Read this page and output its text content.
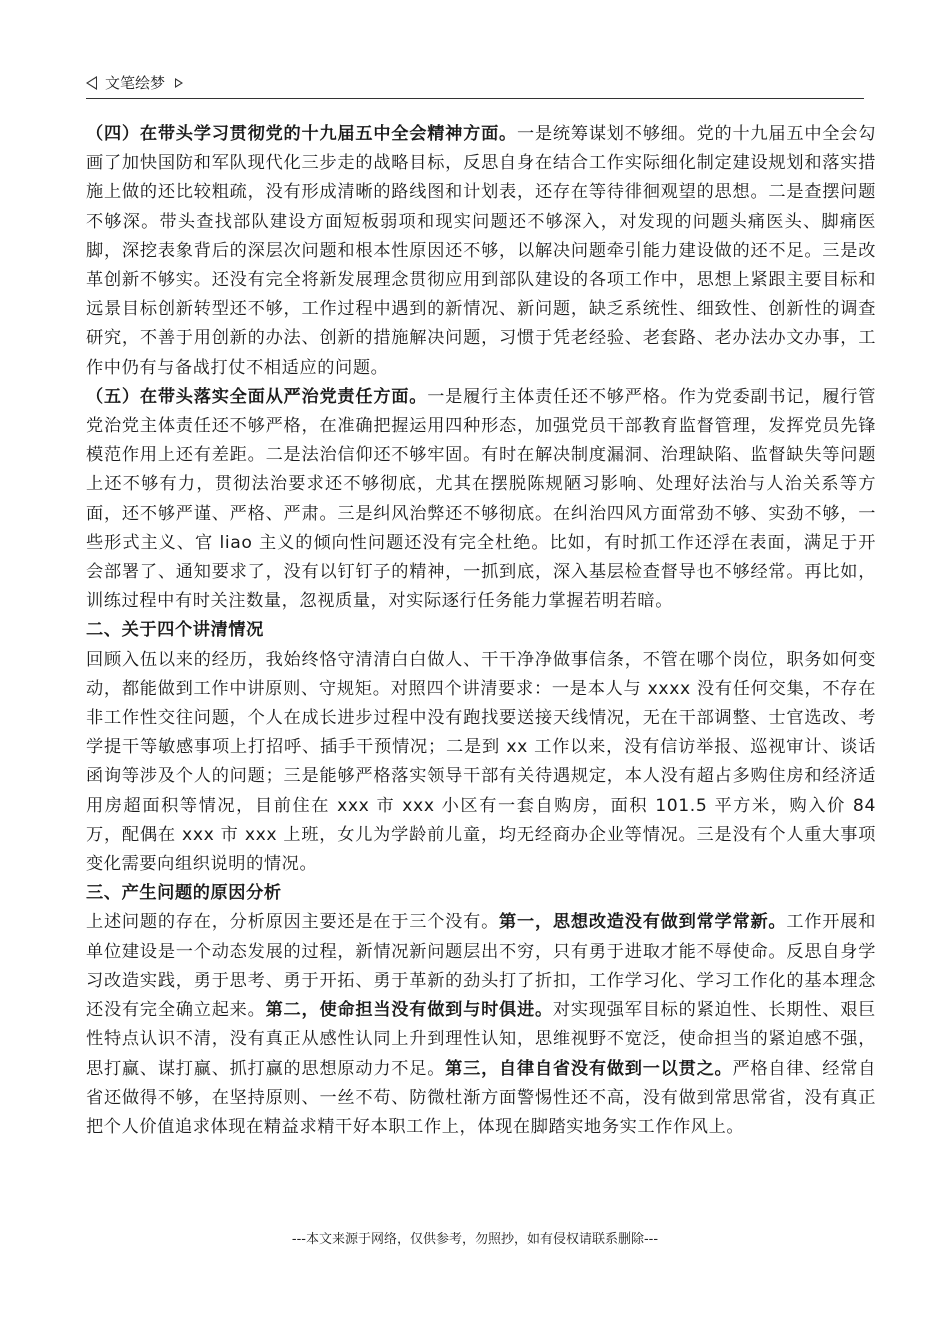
文笔绘梦

（四）在带头学习贯彻党的十九届五中全会精神方面。一是统筹谋划不够细。党的十九届五中全会勾画了加快国防和军队现代化三步走的战略目标，反思自身在结合工作实际细化制定建设规划和落实措施上做的还比较粗疏，没有形成清晰的路线图和计划表，还存在等待徘徊观望的思想。二是查摆问题不够深。带头查找部队建设方面短板弱项和现实问题还不够深入，对发现的问题头痛医头、脚痛医脚，深挖表象背后的深层次问题和根本性原因还不够，以解决问题牵引能力建设做的还不足。三是改革创新不够实。还没有完全将新发展理念贯彻应用到部队建设的各项工作中，思想上紧跟主要目标和远景目标创新转型还不够，工作过程中遇到的新情况、新问题，缺乏系统性、细致性、创新性的调查研究，不善于用创新的办法、创新的措施解决问题，习惯于凭老经验、老套路、老办法办文办事，工作中仍有与备战打仗不相适应的问题。

（五）在带头落实全面从严治党责任方面。一是履行主体责任还不够严格。作为党委副书记，履行管党治党主体责任还不够严格，在准确把握运用四种形态，加强党员干部教育监督管理，发挥党员先锋模范作用上还有差距。二是法治信仰还不够牢固。有时在解决制度漏洞、治理缺陷、监督缺失等问题上还不够有力，贯彻法治要求还不够彻底，尤其在摆脱陈规陋习影响、处理好法治与人治关系等方面，还不够严谨、严格、严肃。三是纠风治弊还不够彻底。在纠治四风方面常劲不够、实劲不够，一些形式主义、官 liao 主义的倾向性问题还没有完全杜绝。比如，有时抓工作还浮在表面，满足于开会部署了、通知要求了，没有以钉钉子的精神，一抓到底，深入基层检查督导也不够经常。再比如，训练过程中有时关注数量，忽视质量，对实际逐行任务能力掌握若明若暗。

二、关于四个讲清情况

回顾入伍以来的经历，我始终恪守清清白白做人、干干净净做事信条，不管在哪个岗位，职务如何变动，都能做到工作中讲原则、守规矩。对照四个讲清要求：一是本人与 xxxx 没有任何交集，不存在非工作性交往问题，个人在成长进步过程中没有跑找要送接天线情况，无在干部调整、士官选改、考学提干等敏感事项上打招呼、插手干预情况；二是到 xx 工作以来，没有信访举报、巡视审计、谈话函询等涉及个人的问题；三是能够严格落实领导干部有关待遇规定，本人没有超占多购住房和经济适用房超面积等情况，目前住在 xxx 市 xxx 小区有一套自购房，面积 101.5 平方米，购入价 84 万，配偶在 xxx 市 xxx 上班，女儿为学龄前儿童，均无经商办企业等情况。三是没有个人重大事项变化需要向组织说明的情况。

三、产生问题的原因分析

上述问题的存在，分析原因主要还是在于三个没有。第一，思想改造没有做到常学常新。工作开展和单位建设是一个动态发展的过程，新情况新问题层出不穷，只有勇于进取才能不辱使命。反思自身学习改造实践，勇于思考、勇于开拓、勇于革新的劲头打了折扣，工作学习化、学习工作化的基本理念还没有完全确立起来。第二，使命担当没有做到与时俱进。对实现强军目标的紧迫性、长期性、艰巨性特点认识不清，没有真正从感性认同上升到理性认知，思维视野不宽泛，使命担当的紧迫感不强，思打赢、谋打赢、抓打赢的思想原动力不足。第三，自律自省没有做到一以贯之。严格自律、经常自省还做得不够，在坚持原则、一丝不苟、防微杜渐方面警惕性还不高，没有做到常思常省，没有真正把个人价值追求体现在精益求精干好本职工作上，体现在脚踏实地务实工作作风上。

---本文来源于网络，仅供参考，勿照抄，如有侵权请联系删除---
